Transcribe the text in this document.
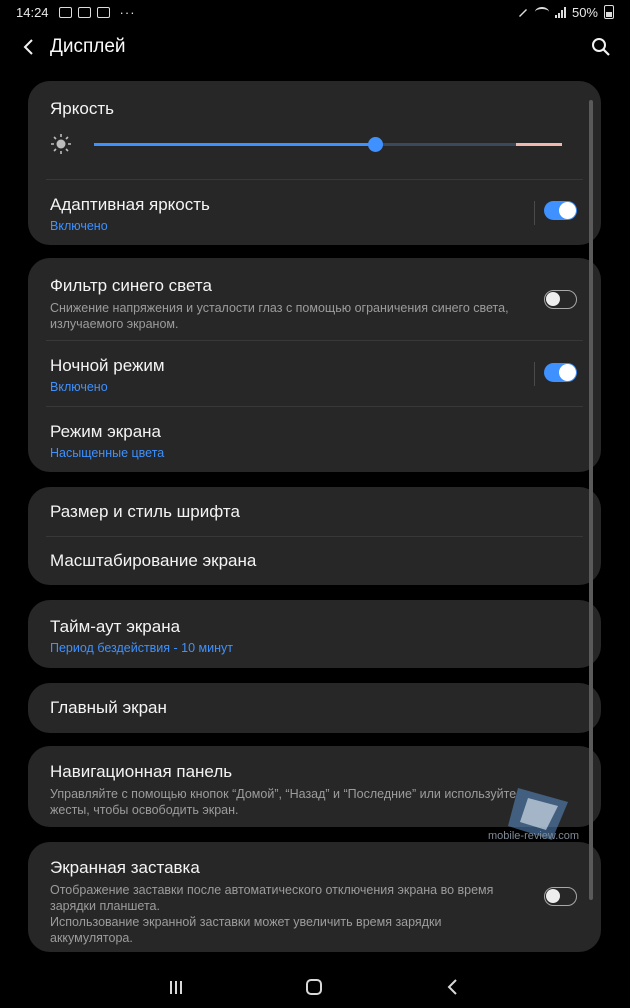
14:24	···	50%
Дисплей
Яркость
Адаптивная яркость
Включено
Фильтр синего света
Снижение напряжения и усталости глаз с помощью ограничения синего света,
излучаемого экраном.
Ночной режим
Включено
Режим экрана
Насыщенные цвета
Размер и стиль шрифта
Масштабирование экрана
Тайм-аут экрана
Период бездействия - 10 минут
Главный экран
Навигационная панель
Управляйте с помощью кнопок “Домой”, “Назад” и “Последние” или используйте
жесты, чтобы освободить экран.
Экранная заставка
Отображение заставки после автоматического отключения экрана во время
зарядки планшета.
Использование экранной заставки может увеличить время зарядки
аккумулятора.
mobile-review.com
